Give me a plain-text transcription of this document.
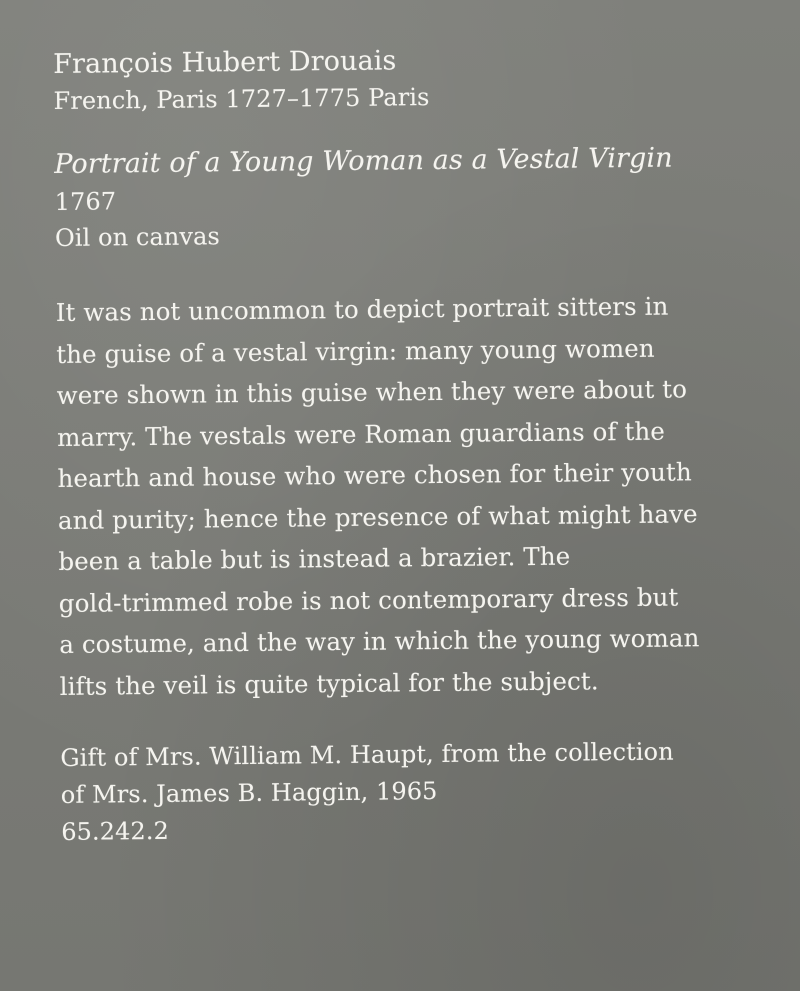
François Hubert Drouais
French, Paris 1727–1775 Paris
Portrait of a Young Woman as a Vestal Virgin
1767
Oil on canvas
It was not uncommon to depict portrait sitters in
the guise of a vestal virgin: many young women
were shown in this guise when they were about to
marry. The vestals were Roman guardians of the
hearth and house who were chosen for their youth
and purity; hence the presence of what might have
been a table but is instead a brazier. The
gold-trimmed robe is not contemporary dress but
a costume, and the way in which the young woman
lifts the veil is quite typical for the subject.
Gift of Mrs. William M. Haupt, from the collection
of Mrs. James B. Haggin, 1965
65.242.2
